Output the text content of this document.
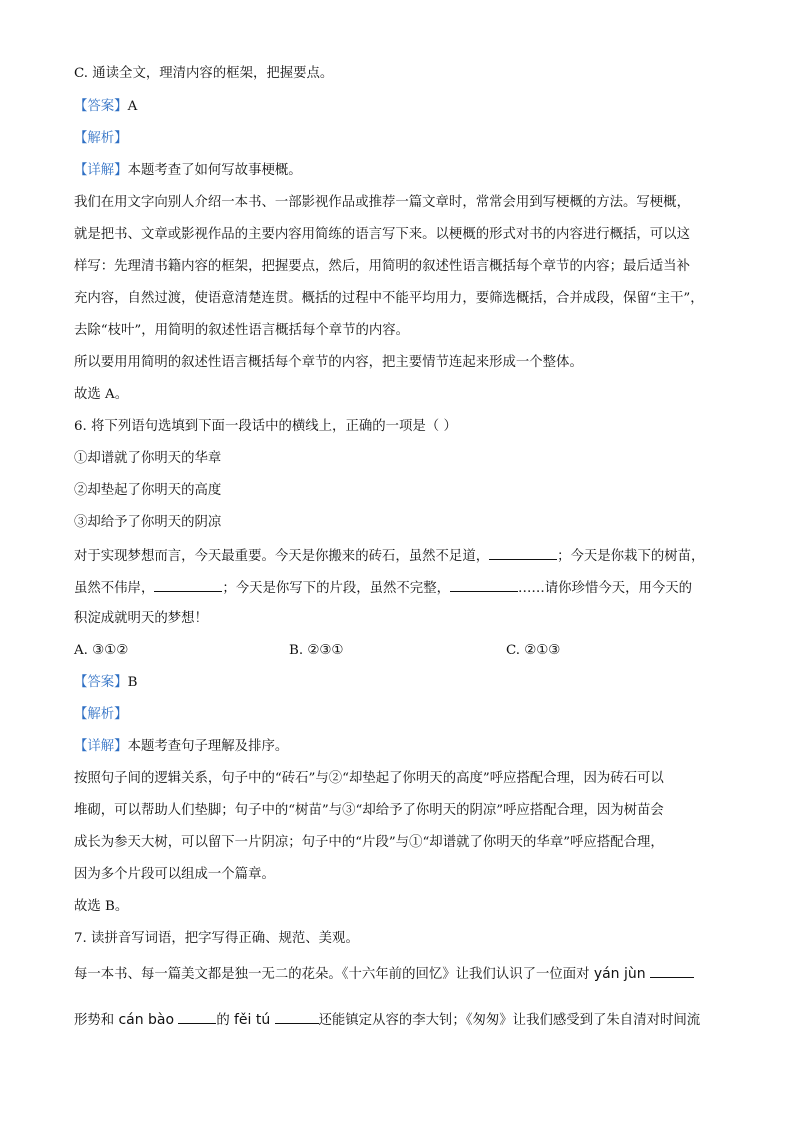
C. 通读全文，理清内容的框架，把握要点。
【答案】A
【解析】
【详解】本题考查了如何写故事梗概。
我们在用文字向别人介绍一本书、一部影视作品或推荐一篇文章时，常常会用到写梗概的方法。写梗概，
就是把书、文章或影视作品的主要内容用简练的语言写下来。以梗概的形式对书的内容进行概括，可以这
样写：先理清书籍内容的框架，把握要点，然后，用简明的叙述性语言概括每个章节的内容；最后适当补
充内容，自然过渡，使语意清楚连贯。概括的过程中不能平均用力，要筛选概括，合并成段，保留“主干”，
去除“枝叶”，用简明的叙述性语言概括每个章节的内容。
所以要用用简明的叙述性语言概括每个章节的内容，把主要情节连起来形成一个整体。
故选 A。
6. 将下列语句选填到下面一段话中的横线上，正确的一项是（ ）
①却谱就了你明天的华章
②却垫起了你明天的高度
③却给予了你明天的阴凉
对于实现梦想而言，今天最重要。今天是你搬来的砖石，虽然不足道，	；今天是你栽下的树苗，
虽然不伟岸，	；今天是你写下的片段，虽然不完整，	……请你珍惜今天，用今天的
积淀成就明天的梦想！
A. ③①②	B. ②③①	C. ②①③
【答案】B
【解析】
【详解】本题考查句子理解及排序。
按照句子间的逻辑关系，句子中的“砖石”与②“却垫起了你明天的高度”呼应搭配合理，因为砖石可以
堆砌，可以帮助人们垫脚；句子中的“树苗”与③“却给予了你明天的阴凉”呼应搭配合理，因为树苗会
成长为参天大树，可以留下一片阴凉；句子中的“片段”与①“却谱就了你明天的华章”呼应搭配合理，
因为多个片段可以组成一个篇章。
故选 B。
7. 读拼音写词语，把字写得正确、规范、美观。
每一本书、每一篇美文都是独一无二的花朵。《十六年前的回忆》让我们认识了一位面对 yán jùn
形势和 cán bào	的 fěi tú	还能镇定从容的李大钊；《匆匆》让我们感受到了朱自清对时间流
